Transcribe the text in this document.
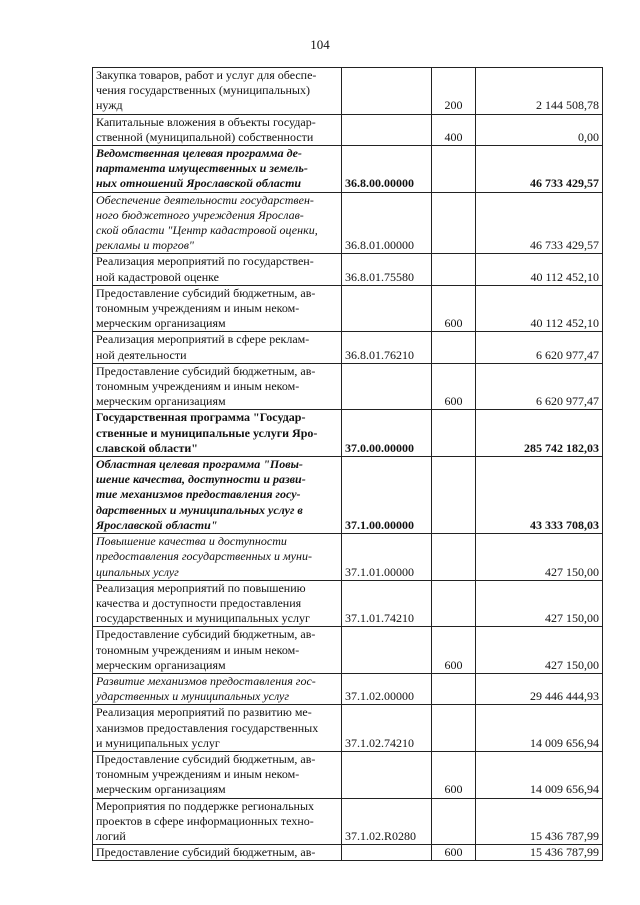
104
Закупка товаров, работ и услуг для обеспе-
чения государственных (муниципальных)
нужд		200	2 144 508,78

Капитальные вложения в объекты государ-
ственной (муниципальной) собственности		400	0,00

Ведомственная целевая программа де-
партамента имущественных и земель-
ных отношений Ярославской области	36.8.00.00000		46 733 429,57

Обеспечение деятельности государствен-
ного бюджетного учреждения Ярослав-
ской области "Центр кадастровой оценки,
рекламы и торгов"	36.8.01.00000		46 733 429,57

Реализация мероприятий по государствен-
ной кадастровой оценке	36.8.01.75580		40 112 452,10

Предоставление субсидий бюджетным, ав-
тономным учреждениям и иным неком-
мерческим организациям		600	40 112 452,10

Реализация мероприятий в сфере реклам-
ной деятельности	36.8.01.76210		6 620 977,47

Предоставление субсидий бюджетным, ав-
тономным учреждениям и иным неком-
мерческим организациям		600	6 620 977,47

Государственная программа "Государ-
ственные и муниципальные услуги Яро-
славской области"	37.0.00.00000		285 742 182,03

Областная целевая программа "Повы-
шение качества, доступности и разви-
тие механизмов предоставления госу-
дарственных и муниципальных услуг в
Ярославской области"	37.1.00.00000		43 333 708,03

Повышение качества и доступности
предоставления государственных и муни-
ципальных услуг	37.1.01.00000		427 150,00

Реализация мероприятий по повышению
качества и доступности предоставления
государственных и муниципальных услуг	37.1.01.74210		427 150,00

Предоставление субсидий бюджетным, ав-
тономным учреждениям и иным неком-
мерческим организациям		600	427 150,00

Развитие механизмов предоставления гос-
ударственных и муниципальных услуг	37.1.02.00000		29 446 444,93

Реализация мероприятий по развитию ме-
ханизмов предоставления государственных
и муниципальных услуг	37.1.02.74210		14 009 656,94

Предоставление субсидий бюджетным, ав-
тономным учреждениям и иным неком-
мерческим организациям		600	14 009 656,94

Мероприятия по поддержке региональных
проектов в сфере информационных техно-
логий	37.1.02.R0280		15 436 787,99

Предоставление субсидий бюджетным, ав-		600	15 436 787,99
